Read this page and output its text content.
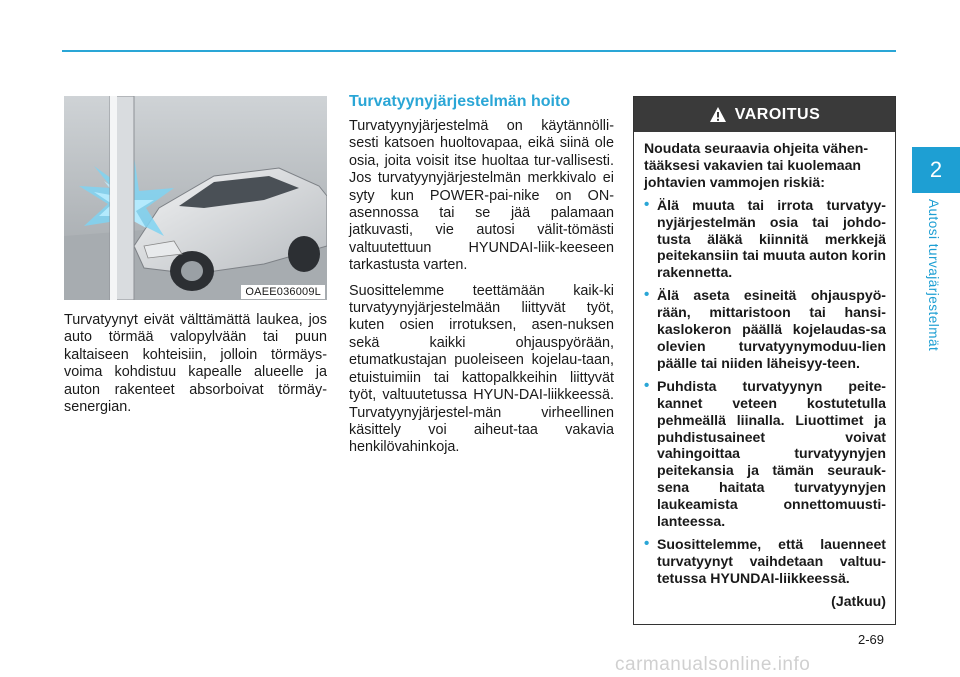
2
Autosi turvajärjestelmät
OAEE036009L

Turvatyynyt eivät välttämättä laukea, jos auto törmää valopylvään tai puun kaltaiseen kohteisiin, jolloin törmäys-voima kohdistuu kapealle alueelle ja auton rakenteet absorboivat törmäy-senergian.

Turvatyynyjärjestelmän hoito

Turvatyynyjärjestelmä on käytännölli-sesti katsoen huoltovapaa, eikä siinä ole osia, joita voisit itse huoltaa tur-vallisesti. Jos turvatyynyjärjestelmän merkkivalo ei syty kun POWER-pai-nike on ON-asennossa tai se jää palamaan jatkuvasti, vie autosi välit-tömästi valtuutettuun HYUNDAI-liik-keeseen tarkastusta varten.

Suosittelemme teettämään kaik-ki turvatyynyjärjestelmään liittyvät työt, kuten osien irrotuksen, asen-nuksen sekä kaikki ohjauspyörään, etumatkustajan puoleiseen kojelau-taan, etuistuimiin tai kattopalkkeihin liittyvät työt, valtuutetussa HYUN-DAI-liikkeessä. Turvatyynyjärjestel-män virheellinen käsittely voi aiheut-taa vakavia henkilövahinkoja.

VAROITUS

Noudata seuraavia ohjeita vähen-tääksesi vakavien tai kuolemaan johtavien vammojen riskiä:

• Älä muuta tai irrota turvatyy-nyjärjestelmän osia tai johdo-tusta äläkä kiinnitä merkkejä peitekansiin tai muuta auton korin rakennetta.
• Älä aseta esineitä ohjauspyö-rään, mittaristoon tai hansi-kaslokeron päällä kojelaudas-sa olevien turvatyynymoduu-lien päälle tai niiden läheisyy-teen.
• Puhdista turvatyynyn peite-kannet veteen kostutetulla pehmeällä liinalla. Liuottimet ja puhdistusaineet voivat vahingoittaa turvatyynyjen peitekansia ja tämän seurauk-sena haitata turvatyynyjen laukeamista onnettomuusti-lanteessa.
• Suosittelemme, että lauenneet turvatyynyt vaihdetaan valtuu-tetussa HYUNDAI-liikkeessä.

(Jatkuu)

2-69
carmanualsonline.info
